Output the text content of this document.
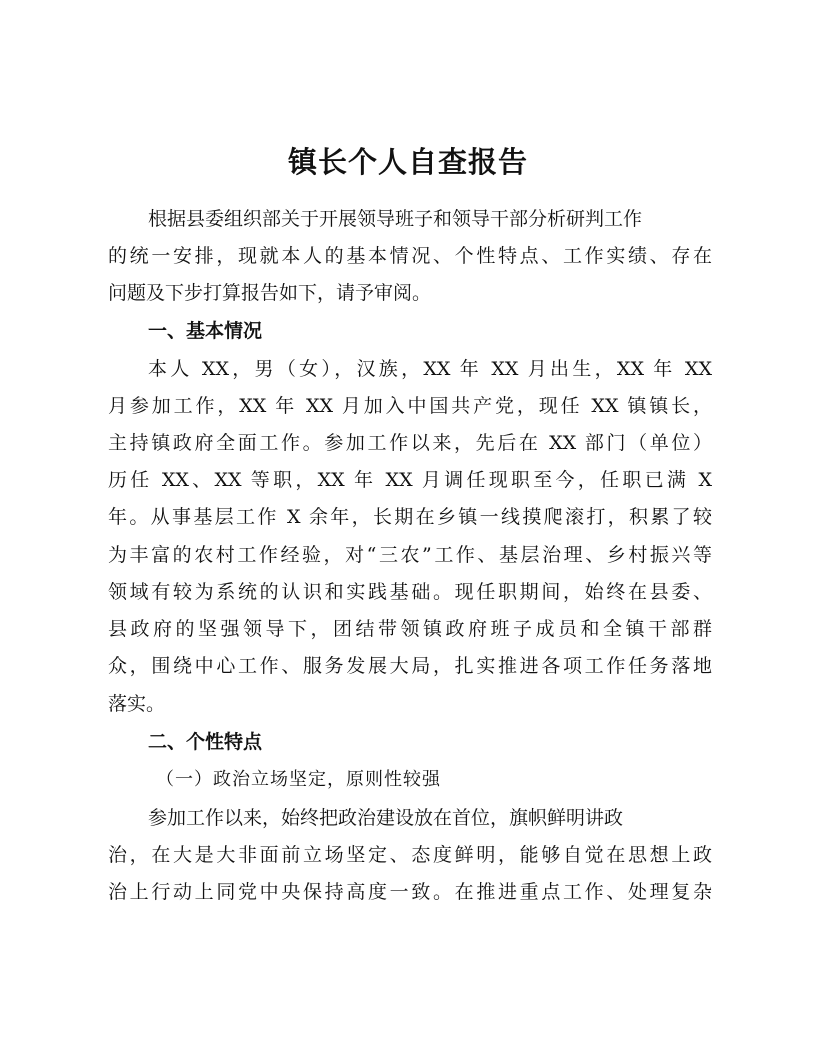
镇长个人自查报告
根据县委组织部关于开展领导班子和领导干部分析研判工作
的统一安排，现就本人的基本情况、个性特点、工作实绩、存在
问题及下步打算报告如下，请予审阅。
一、基本情况
本人 XX，男（女），汉族，XX 年 XX 月出生，XX 年 XX
月参加工作，XX 年 XX 月加入中国共产党，现任 XX 镇镇长，
主持镇政府全面工作。参加工作以来，先后在 XX 部门（单位）
历任 XX、XX 等职，XX 年 XX 月调任现职至今，任职已满 X
年。从事基层工作 X 余年，长期在乡镇一线摸爬滚打，积累了较
为丰富的农村工作经验，对“三农”工作、基层治理、乡村振兴等
领域有较为系统的认识和实践基础。现任职期间，始终在县委、
县政府的坚强领导下，团结带领镇政府班子成员和全镇干部群
众，围绕中心工作、服务发展大局，扎实推进各项工作任务落地
落实。
二、个性特点
（一）政治立场坚定，原则性较强
参加工作以来，始终把政治建设放在首位，旗帜鲜明讲政
治，在大是大非面前立场坚定、态度鲜明，能够自觉在思想上政
治上行动上同党中央保持高度一致。在推进重点工作、处理复杂
